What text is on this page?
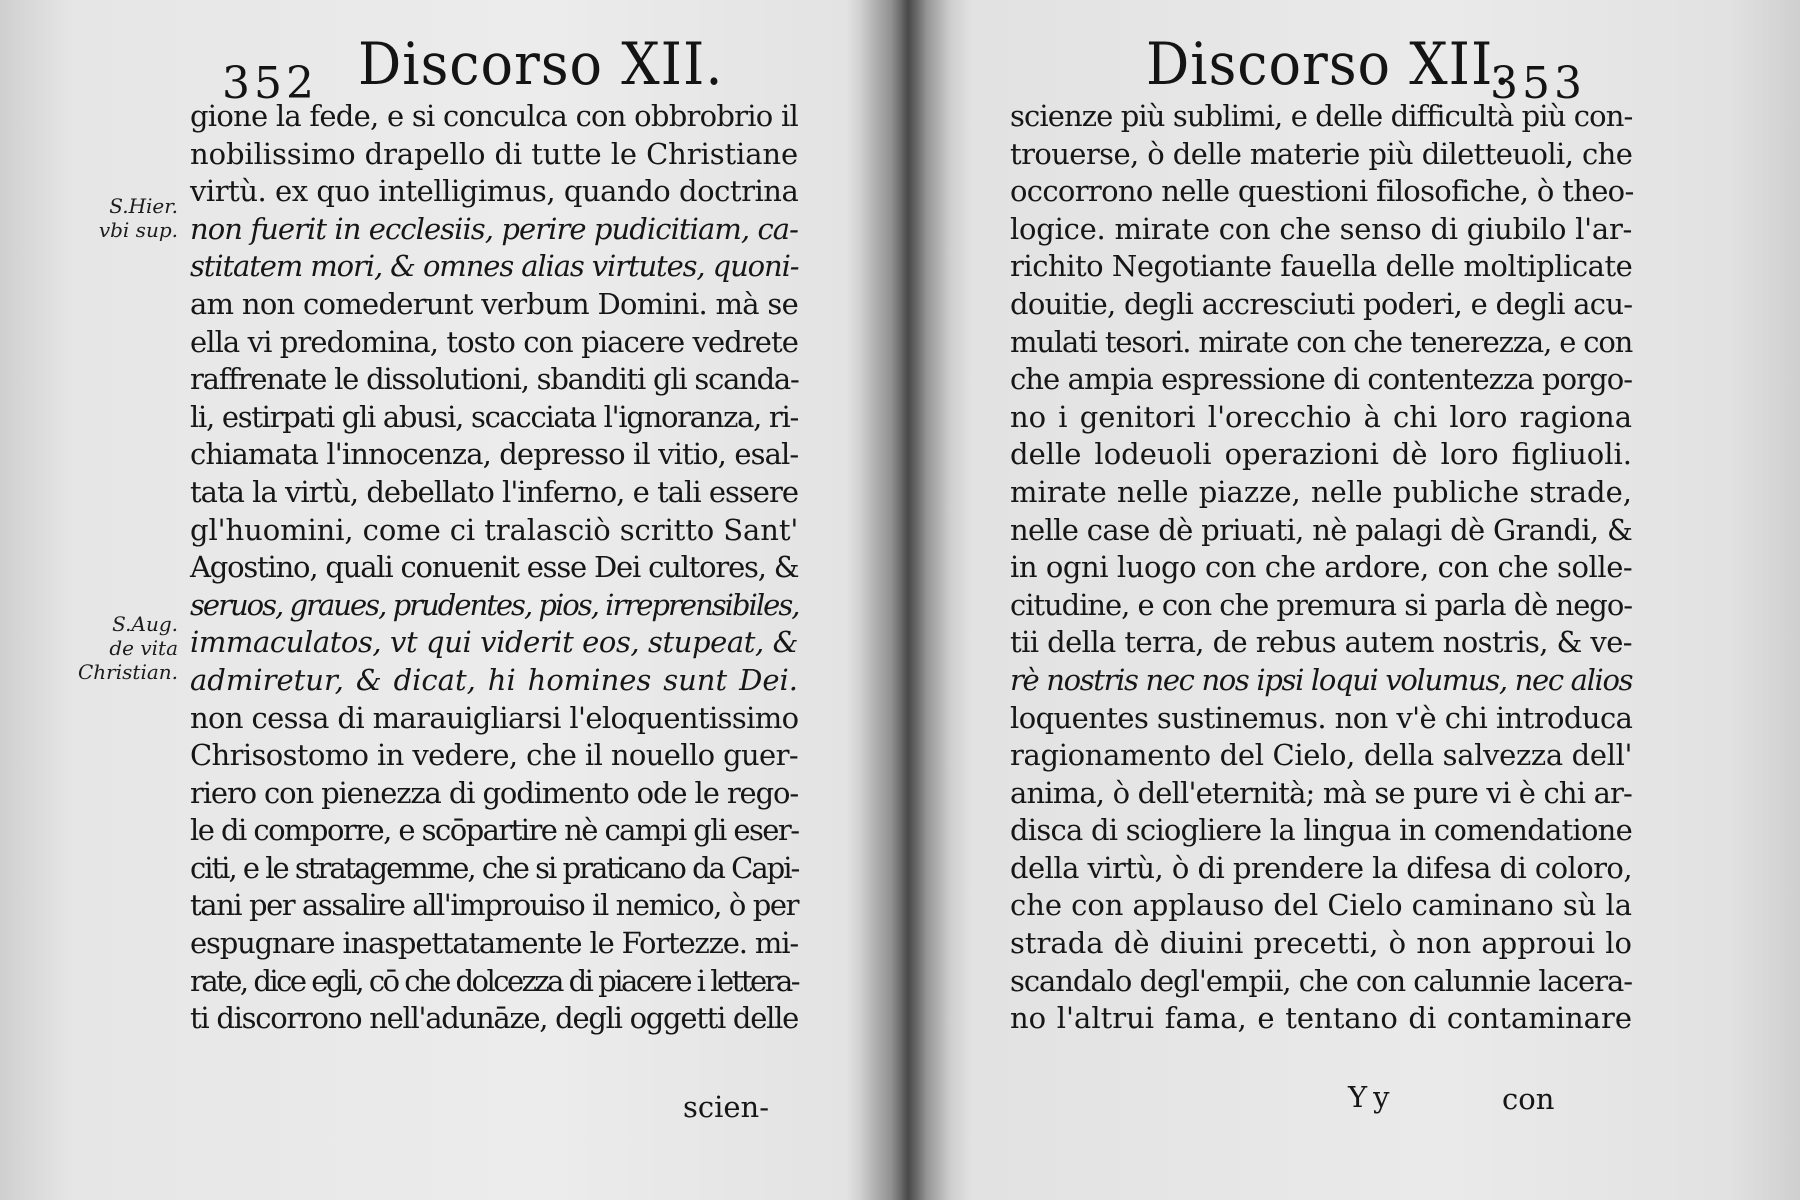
352 Discorso XII.
S.Hier.
vbi sup.
S.Aug.
de vita
Christian.
gione la fede, e si conculca con obbrobrio il
nobilissimo drapello di tutte le Christiane
virtù. ex quo intelligimus, quando doctrina
non fuerit in ecclesiis, perire pudicitiam, ca-
stitatem mori, & omnes alias virtutes, quoni-
am non comederunt verbum Domini. mà se
ella vi predomina, tosto con piacere vedrete
raffrenate le dissolutioni, sbanditi gli scanda-
li, estirpati gli abusi, scacciata l'ignoranza, ri-
chiamata l'innocenza, depresso il vitio, esal-
tata la virtù, debellato l'inferno, e tali essere
gl'huomini, come ci tralasciò scritto Sant'
Agostino, quali conuenit esse Dei cultores, &
seruos, graues, prudentes, pios, irreprensibiles,
immaculatos, vt qui viderit eos, stupeat, &
admiretur, & dicat, hi homines sunt Dei.
non cessa di marauigliarsi l'eloquentissimo
Chrisostomo in vedere, che il nouello guer-
riero con pienezza di godimento ode le rego-
le di comporre, e scōpartire nè campi gli eser-
citi, e le stratagemme, che si praticano da Capi-
tani per assalire all'improuiso il nemico, ò per
espugnare inaspettatamente le Fortezze. mi-
rate, dice egli, cō che dolcezza di piacere i lettera-
ti discorrono nell'adunāze, degli oggetti delle
scien-
Discorso XII.
353
scienze più sublimi, e delle difficultà più con-
trouerse, ò delle materie più diletteuoli, che
occorrono nelle questioni filosofiche, ò theo-
logice. mirate con che senso di giubilo l'ar-
richito Negotiante fauella delle moltiplicate
douitie, degli accresciuti poderi, e degli acu-
mulati tesori. mirate con che tenerezza, e con
che ampia espressione di contentezza porgo-
no i genitori l'orecchio à chi loro ragiona
delle lodeuoli operazioni dè loro figliuoli.
mirate nelle piazze, nelle publiche strade,
nelle case dè priuati, nè palagi dè Grandi, &
in ogni luogo con che ardore, con che solle-
citudine, e con che premura si parla dè nego-
tii della terra, de rebus autem nostris, & ve-
rè nostris nec nos ipsi loqui volumus, nec alios
loquentes sustinemus. non v'è chi introduca
ragionamento del Cielo, della salvezza dell'
anima, ò dell'eternità; mà se pure vi è chi ar-
disca di sciogliere la lingua in comendatione
della virtù, ò di prendere la difesa di coloro,
che con applauso del Cielo caminano sù la
strada dè diuini precetti, ò non approui lo
scandalo degl'empii, che con calunnie lacera-
no l'altrui fama, e tentano di contaminare
Yy	con
